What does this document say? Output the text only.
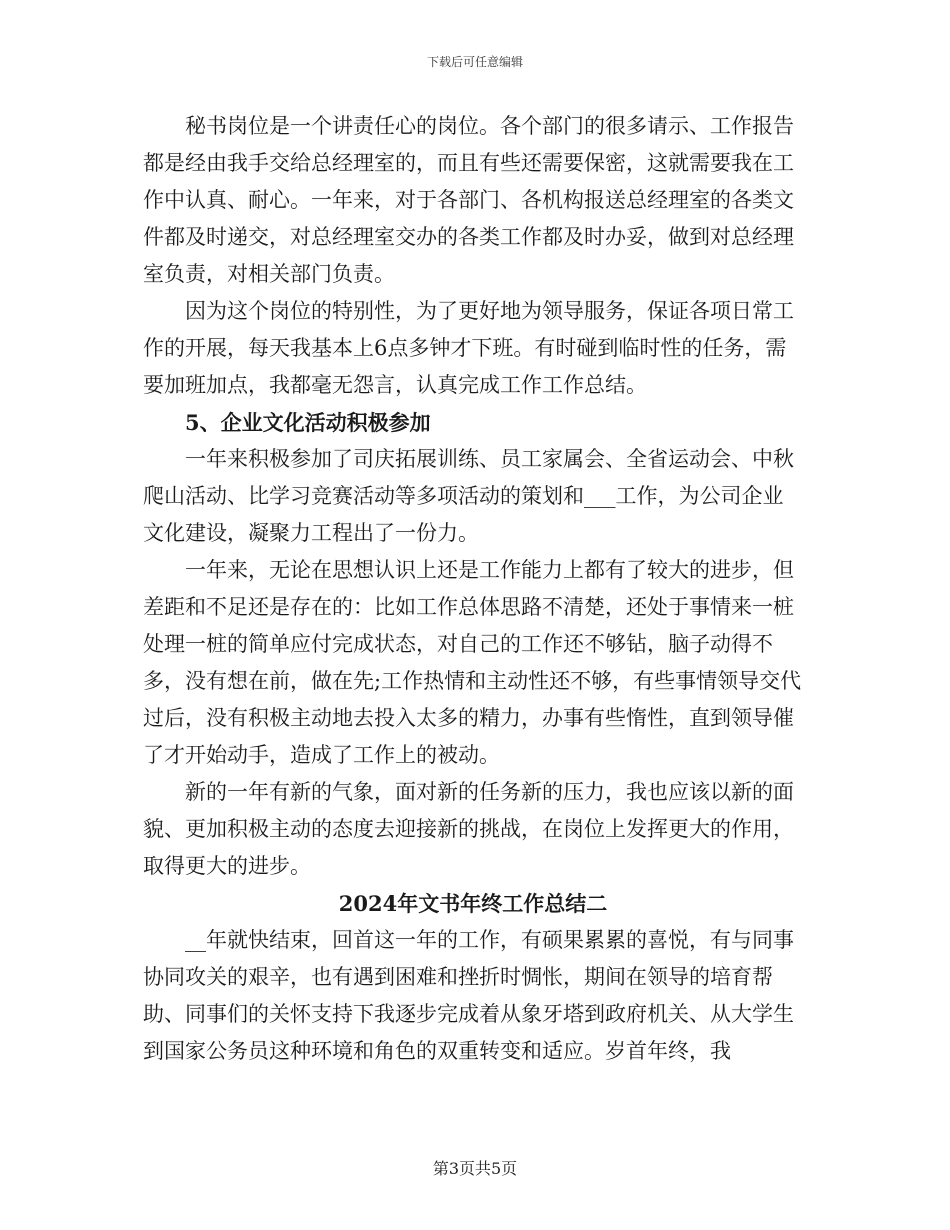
下载后可任意编辑

秘书岗位是一个讲责任心的岗位。各个部门的很多请示、工作报告都是经由我手交给总经理室的，而且有些还需要保密，这就需要我在工作中认真、耐心。一年来，对于各部门、各机构报送总经理室的各类文件都及时递交，对总经理室交办的各类工作都及时办妥，做到对总经理室负责，对相关部门负责。

因为这个岗位的特别性，为了更好地为领导服务，保证各项日常工作的开展，每天我基本上6点多钟才下班。有时碰到临时性的任务，需要加班加点，我都毫无怨言，认真完成工作工作总结。

5、企业文化活动积极参加

一年来积极参加了司庆拓展训练、员工家属会、全省运动会、中秋爬山活动、比学习竞赛活动等多项活动的策划和___工作，为公司企业文化建设，凝聚力工程出了一份力。

一年来，无论在思想认识上还是工作能力上都有了较大的进步，但差距和不足还是存在的：比如工作总体思路不清楚，还处于事情来一桩处理一桩的简单应付完成状态，对自己的工作还不够钻，脑子动得不多，没有想在前，做在先;工作热情和主动性还不够，有些事情领导交代过后，没有积极主动地去投入太多的精力，办事有些惰性，直到领导催了才开始动手，造成了工作上的被动。

新的一年有新的气象，面对新的任务新的压力，我也应该以新的面貌、更加积极主动的态度去迎接新的挑战，在岗位上发挥更大的作用，取得更大的进步。

2024年文书年终工作总结二

__年就快结束，回首这一年的工作，有硕果累累的喜悦，有与同事协同攻关的艰辛，也有遇到困难和挫折时惆怅，期间在领导的培育帮助、同事们的关怀支持下我逐步完成着从象牙塔到政府机关、从大学生到国家公务员这种环境和角色的双重转变和适应。岁首年终，我

第3页共5页
